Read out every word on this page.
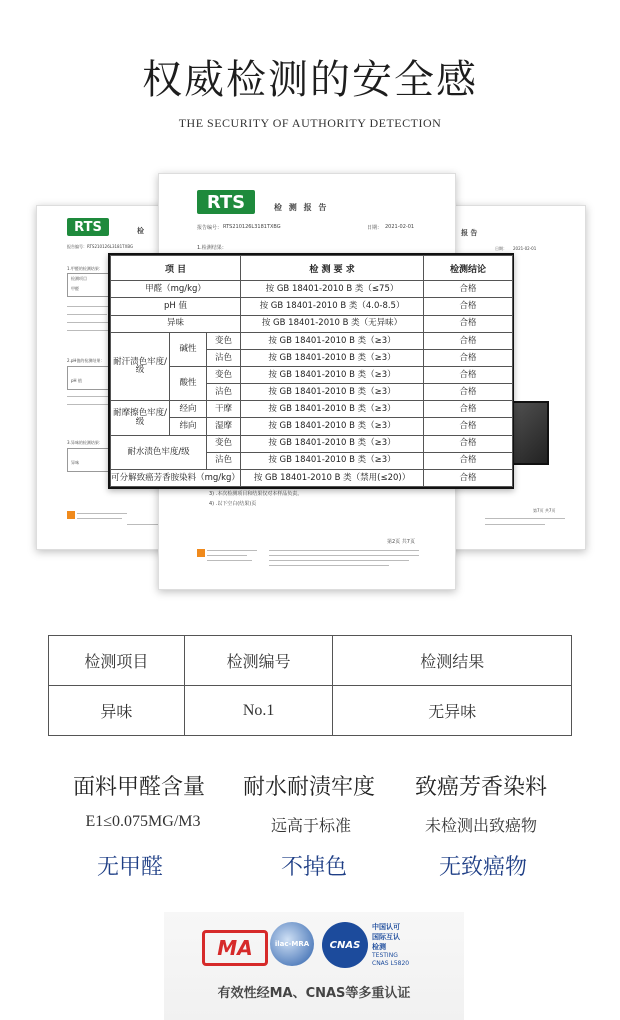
权威检测的安全感
THE SECURITY OF AUTHORITY DETECTION
RTS	检
报告编号： RTS210126L3181TXBG
1.甲醛的检测结果：
检测项目
甲醛
2.pH值的检测结果：
pH 值
3.异味的检测结果：
异味
报 告
日期： 2021-02-01
第7页 共7页
RTS	检 测 报 告
报告编号： RTS210126L3181TXBG	日期： 2021-02-01
1.检测结果：
3) .本次检测项目和结果仅对本样品负责。
4) .以下空白(结果)页
第2页 共7页
项 目			检 测 要 求	检测结论
甲醛（mg/kg）			按 GB 18401-2010 B 类（≤75）	合格
pH 值			按 GB 18401-2010 B 类（4.0-8.5）	合格
异味			按 GB 18401-2010 B 类（无异味）	合格
耐汗渍色牢度/级	碱性	变色	按 GB 18401-2010 B 类（≥3）	合格
		沾色	按 GB 18401-2010 B 类（≥3）	合格
	酸性	变色	按 GB 18401-2010 B 类（≥3）	合格
		沾色	按 GB 18401-2010 B 类（≥3）	合格
耐摩擦色牢度/级	经向	干摩	按 GB 18401-2010 B 类（≥3）	合格
	纬向	湿摩	按 GB 18401-2010 B 类（≥3）	合格
耐水渍色牢度/级		变色	按 GB 18401-2010 B 类（≥3）	合格
		沾色	按 GB 18401-2010 B 类（≥3）	合格
可分解致癌芳香胺染料（mg/kg）			按 GB 18401-2010 B 类（禁用(≤20)）	合格
检测项目	检测编号	检测结果
异味	No.1	无异味
面料甲醛含量	耐水耐渍牢度	致癌芳香染料
E1≤0.075MG/M3	远高于标准	未检测出致癌物
无甲醛	不掉色	无致癌物
MA	ilac-MRA CNAS
中国认可
国际互认
检测
TESTING
CNAS L5820
有效性经MA、CNAS等多重认证
